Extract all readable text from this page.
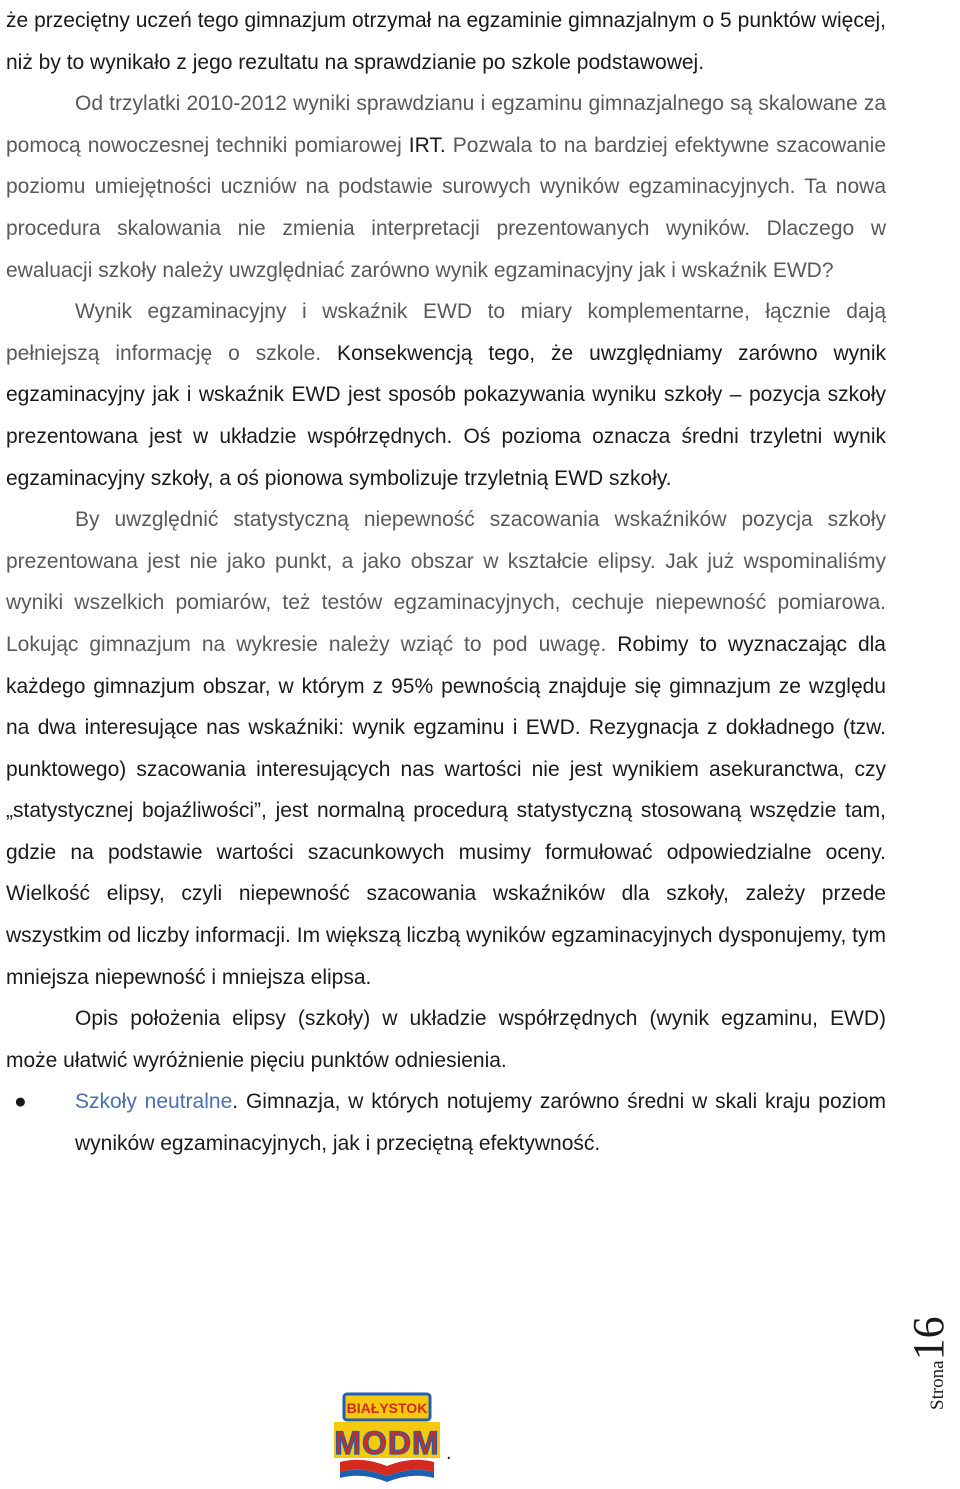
że przeciętny uczeń tego gimnazjum otrzymał na egzaminie gimnazjalnym o 5 punktów więcej, niż by to wynikało z jego rezultatu na sprawdzianie po szkole podstawowej.

Od trzylatki 2010-2012 wyniki sprawdzianu i egzaminu gimnazjalnego są skalowane za pomocą nowoczesnej techniki pomiarowej IRT. Pozwala to na bardziej efektywne szacowanie poziomu umiejętności uczniów na podstawie surowych wyników egzaminacyjnych. Ta nowa procedura skalowania nie zmienia interpretacji prezentowanych wyników. Dlaczego w ewaluacji szkoły należy uwzględniać zarówno wynik egzaminacyjny jak i wskaźnik EWD?

Wynik egzaminacyjny i wskaźnik EWD to miary komplementarne, łącznie dają pełniejszą informację o szkole. Konsekwencją tego, że uwzględniamy zarówno wynik egzaminacyjny jak i wskaźnik EWD jest sposób pokazywania wyniku szkoły – pozycja szkoły prezentowana jest w układzie współrzędnych. Oś pozioma oznacza średni trzyletni wynik egzaminacyjny szkoły, a oś pionowa symbolizuje trzyletnią EWD szkoły.

By uwzględnić statystyczną niepewność szacowania wskaźników pozycja szkoły prezentowana jest nie jako punkt, a jako obszar w kształcie elipsy. Jak już wspominaliśmy wyniki wszelkich pomiarów, też testów egzaminacyjnych, cechuje niepewność pomiarowa. Lokując gimnazjum na wykresie należy wziąć to pod uwagę. Robimy to wyznaczając dla każdego gimnazjum obszar, w którym z 95% pewnością znajduje się gimnazjum ze względu na dwa interesujące nas wskaźniki: wynik egzaminu i EWD. Rezygnacja z dokładnego (tzw. punktowego) szacowania interesujących nas wartości nie jest wynikiem asekuranctwa, czy „statystycznej bojaźliwości”, jest normalną procedurą statystyczną stosowaną wszędzie tam, gdzie na podstawie wartości szacunkowych musimy formułować odpowiedzialne oceny. Wielkość elipsy, czyli niepewność szacowania wskaźników dla szkoły, zależy przede wszystkim od liczby informacji. Im większą liczbą wyników egzaminacyjnych dysponujemy, tym mniejsza niepewność i mniejsza elipsa.

Opis położenia elipsy (szkoły) w układzie współrzędnych (wynik egzaminu, EWD) może ułatwić wyróżnienie pięciu punktów odniesienia.

● Szkoły neutralne. Gimnazja, w których notujemy zarówno średni w skali kraju poziom wyników egzaminacyjnych, jak i przeciętną efektywność.
Strona16
BIAŁYSTOK
MODM .
